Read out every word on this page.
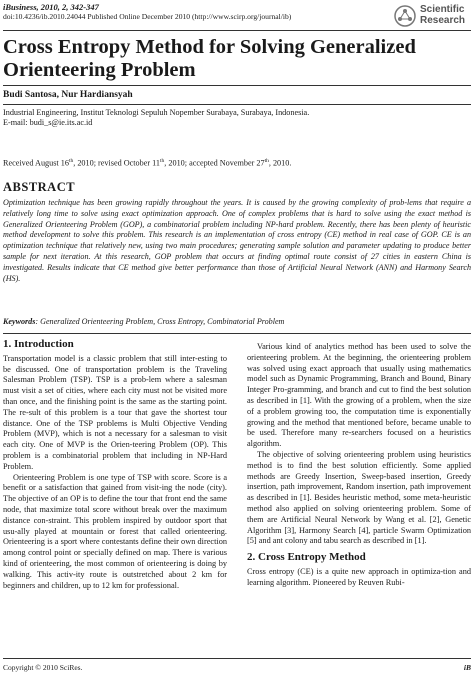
iBusiness, 2010, 2, 342-347
doi:10.4236/ib.2010.24044 Published Online December 2010 (http://www.scirp.org/journal/ib)
Scientific
Research
Cross Entropy Method for Solving Generalized
Orienteering Problem
Budi Santosa, Nur Hardiansyah
Industrial Engineering, Institut Teknologi Sepuluh Nopember Surabaya, Surabaya, Indonesia.
E-mail: budi_s@ie.its.ac.id
Received August 16th, 2010; revised October 11th, 2010; accepted November 27th, 2010.
ABSTRACT
Optimization technique has been growing rapidly throughout the years. It is caused by the growing complexity of prob-lems that require a relatively long time to solve using exact optimization approach. One of complex problems that is hard to solve using the exact method is Generalized Orienteering Problem (GOP), a combinatorial problem including NP-hard problem. Recently, there has been plenty of heuristic method development to solve this problem. This research is an implementation of cross entropy (CE) method in real case of GOP. CE is an optimization technique that relatively new, using two main procedures; generating sample solution and parameter updating to produce better sample for next iteration. At this research, GOP problem that occurs at finding optimal route consist of 27 cities in eastern China is investigated. Results indicate that CE method give better performance than those of Artificial Neural Network (ANN) and Harmony Search (HS).
Keywords: Generalized Orienteering Problem, Cross Entropy, Combinatorial Problem
1. Introduction

Transportation model is a classic problem that still inter-esting to be discussed. One of transportation problem is the Traveling Salesman Problem (TSP). TSP is a prob-lem where a salesman must visit a set of cities, where each city must not be visited more than once, and the finishing point is the same as the starting point. The re-sult of this problem is a tour that gave the shortest tour distance. One of the TSP problems is Multi Objective Vending Problem (MVP), which is not a necessary for a salesman to visit each city. One of MVP is the Orien-teering Problem (OP). This problem is a combinatorial problem that including in NP-Hard Problem.

Orienteering Problem is one type of TSP with score. Score is a benefit or a satisfaction that gained from visit-ing the node (city). The objective of an OP is to define the tour that front end the same node, that maximize total score without break over the maximum distance con-straint. This problem inspired by outdoor sport that usu-ally played at mountain or forest that called orienteering. Orienteering is a sport where contestants define their own direction among control point or specially defined on map. There is various kind of orienteering, the most common of orienteering is doing by walking. This activ-ity route is outstretched about 2 km for beginners and children, up to 12 km for professional.

Various kind of analytics method has been used to solve the orienteering problem. At the beginning, the orienteering problem was solved using exact approach that usually using mathematics model such as Dynamic Programming, Branch and Bound, Binary Integer Pro-gramming, and branch and cut to find the best solution as described in [1]. With the growing of a problem, when the size of a problem growing too, the computation time is exponentially growing and the method that mentioned before, became unable to be used. Therefore many re-searchers focused on a heuristics algorithm.

The objective of solving orienteering problem using heuristics method is to find the best solution efficiently. Some applied methods are Greedy Insertion, Sweep-based insertion, Greedy insertion, path improvement, Random insertion, path improvement as described in [1]. Besides heuristic method, some meta-heuristic method also applied on solving orienteering problem. Some of them are Artificial Neural Network by Wang et al. [2], Genetic Algorithm [3], Harmony Search [4], particle Swarm Optimization [5] and ant colony and tabu search as described in [1].

2. Cross Entropy Method

Cross entropy (CE) is a quite new approach in optimiza-tion and learning algorithm. Pioneered by Reuven Rubi-

Copyright © 2010 SciRes.	iB
